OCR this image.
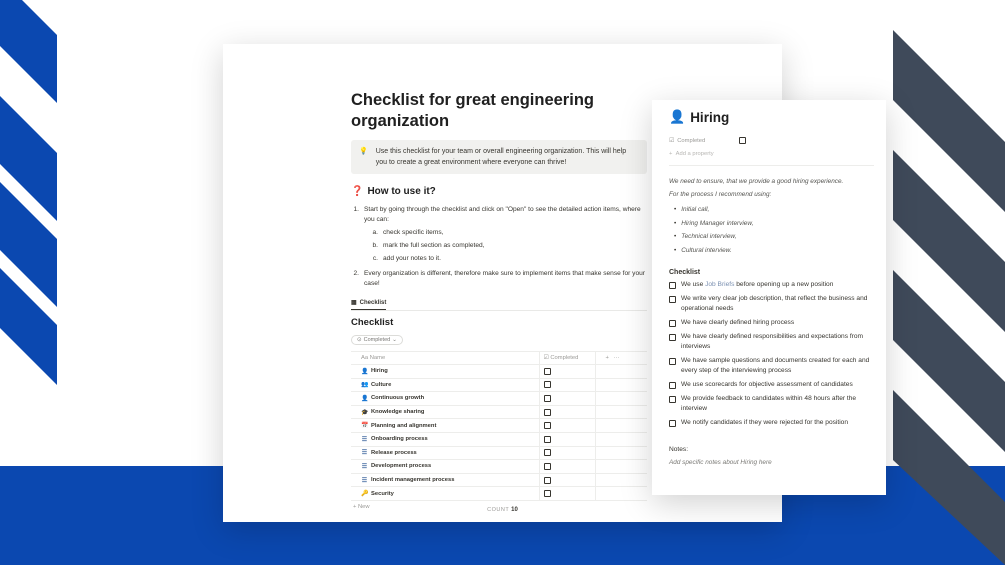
Checklist for great engineering organization
💡 Use this checklist for your team or overall engineering organization. This will help you to create a great environment where everyone can thrive!
❓ How to use it?
1. Start by going through the checklist and click on "Open" to see the detailed action items, where you can:
a. check specific items,
b. mark the full section as completed,
c. add your notes to it.
2. Every organization is different, therefore make sure to implement items that make sense for your case!
▦ Checklist
Checklist
⊙ Completed ⌄
Aa Name	☑ Completed	+ ···

👤 Hiring		

👥 Culture		

👤 Continuous growth		

🎓 Knowledge sharing		

📅 Planning and alignment		

☰ Onboarding process		

☰ Release process		

☰ Development process		

☰ Incident management process		

🔑 Security		

+ New
COUNT 10
👤 Hiring
☑ Completed
+  Add a property
We need to ensure, that we provide a good hiring experience.
For the process I recommend using:
• Initial call,
• Hiring Manager interview,
• Technical interview,
• Cultural interview.
Checklist
We use Job Briefs before opening up a new position
We write very clear job description, that reflect the business and operational needs
We have clearly defined hiring process
We have clearly defined responsibilities and expectations from interviews
We have sample questions and documents created for each and every step of the interviewing process
We use scorecards for objective assessment of candidates
We provide feedback to candidates within 48 hours after the interview
We notify candidates if they were rejected for the position
Notes:
Add specific notes about Hiring here
